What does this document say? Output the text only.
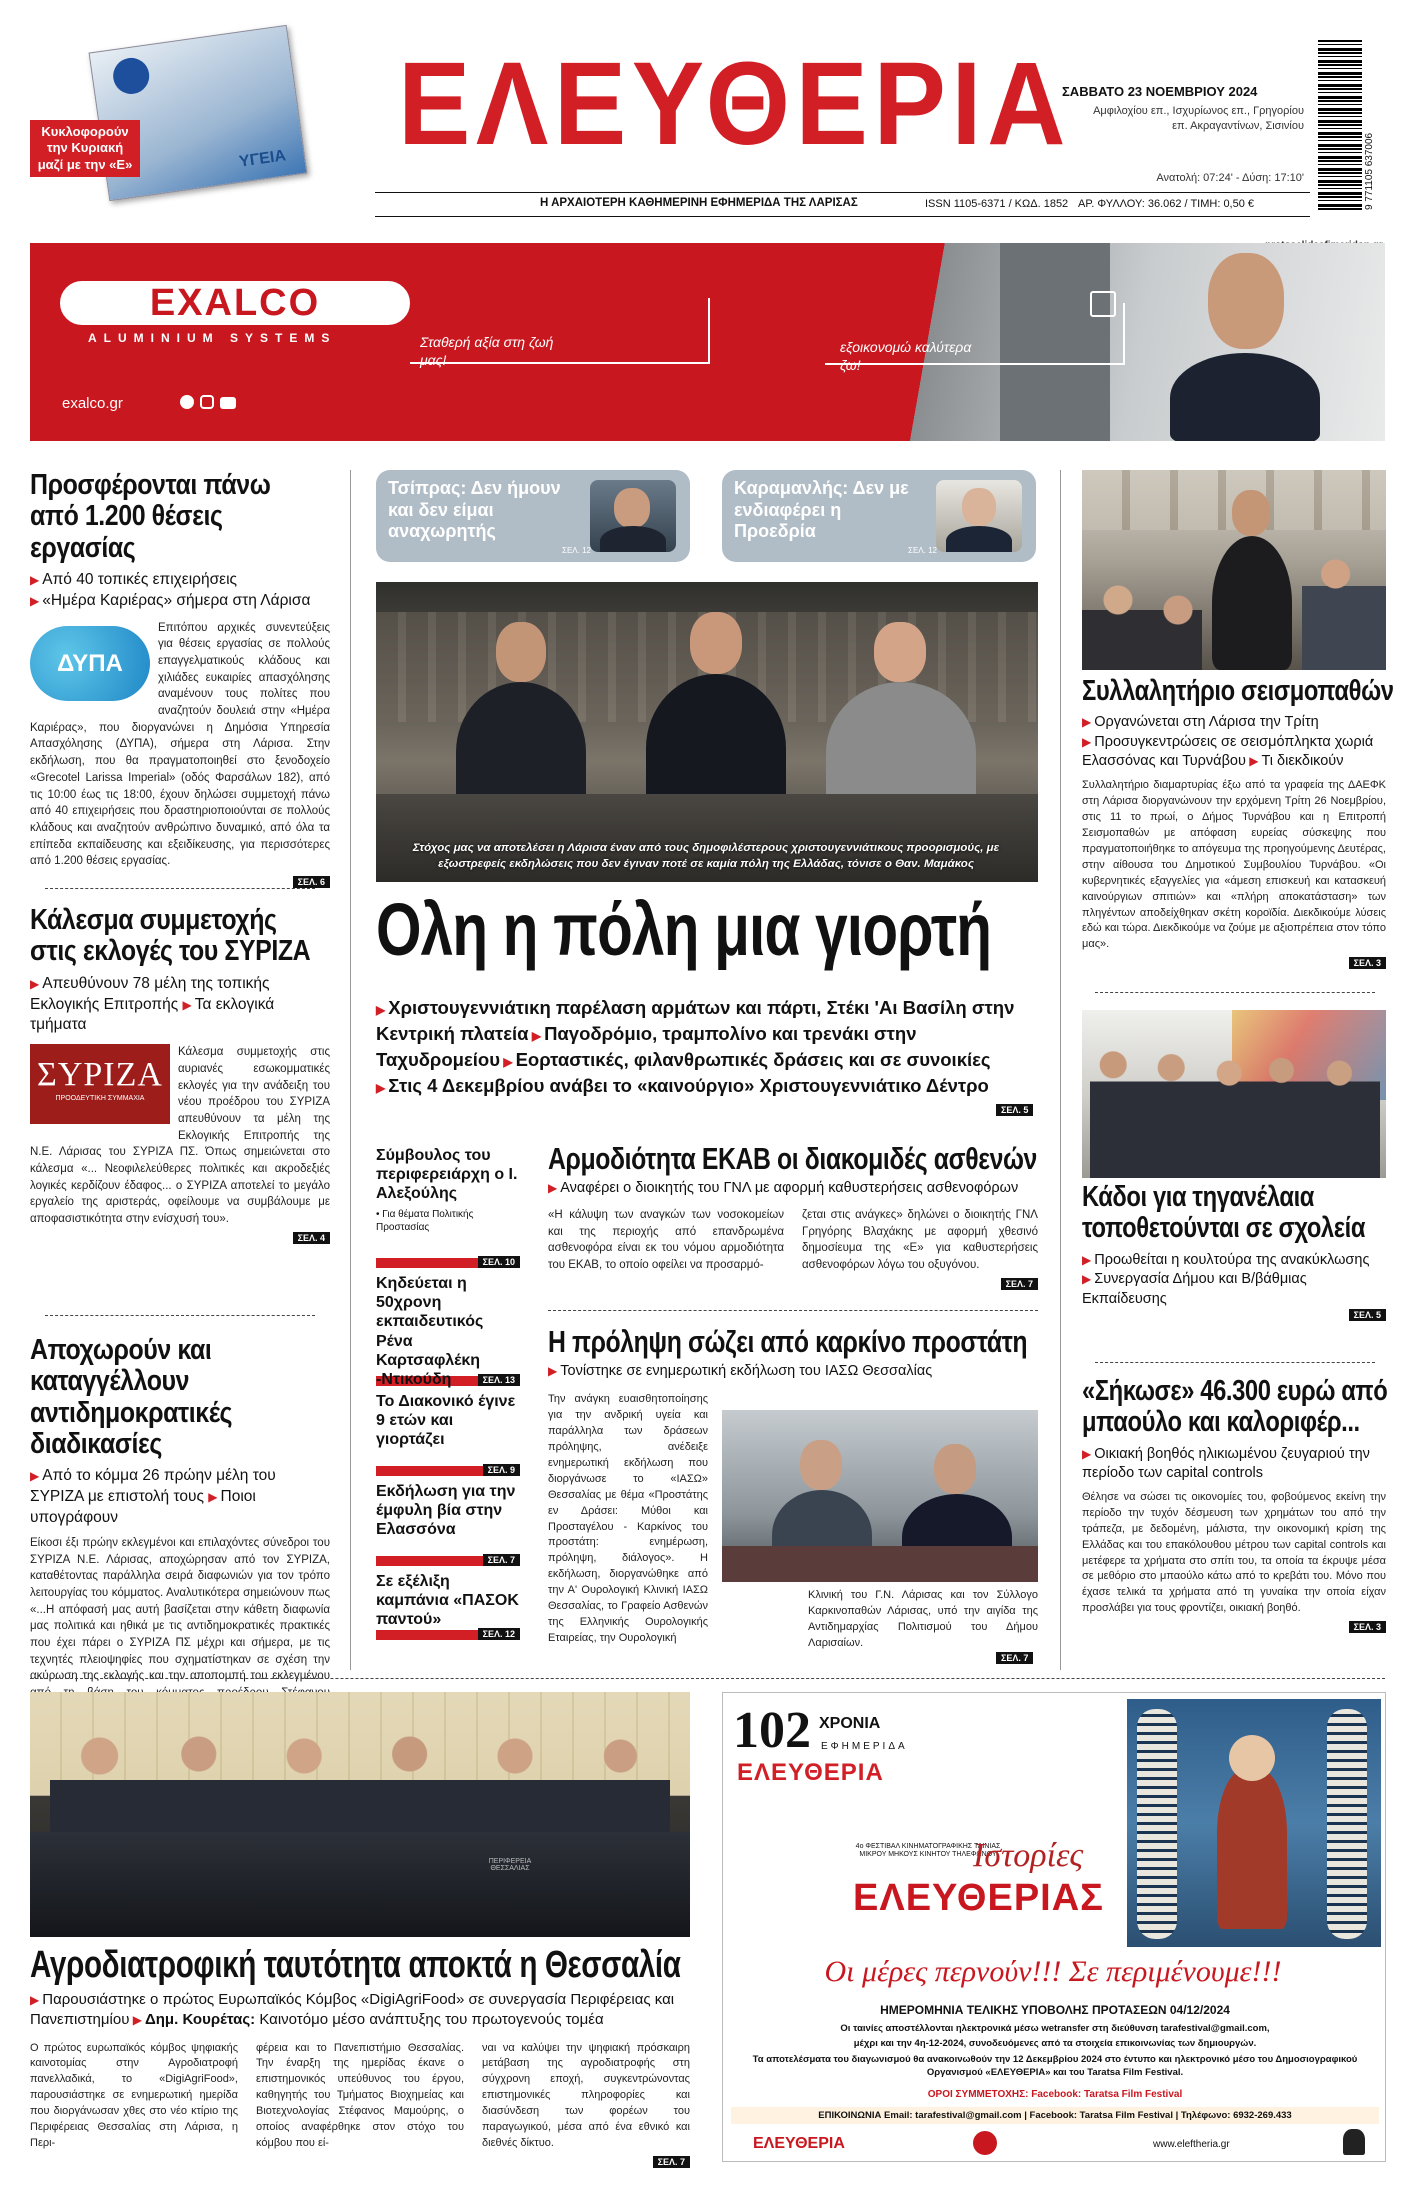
ΥΓΕΙΑ
Κυκλοφορούν την Κυριακή μαζί με την «Ε» ΕΛΕΥΘΕΡΙΑ
ΣΑΒΒΑΤΟ 23 ΝΟΕΜΒΡΙΟΥ 2024
Αμφιλοχίου επ., Ισχυρίωνος επ., Γρηγορίου επ. Ακραγαντίνων, Σισινίου
Ανατολή: 07:24' - Δύση: 17:10'	9 771105 637006
Η ΑΡΧΑΙΟΤΕΡΗ ΚΑΘΗΜΕΡΙΝΗ ΕΦΗΜΕΡΙΔΑ ΤΗΣ ΛΑΡΙΣΑΣ	ISSN 1105-6371 / ΚΩΔ. 1852 ΑΡ. ΦΥΛΛΟΥ: 36.062 / ΤΙΜΗ: 0,50 €
EXALCO
ALUMINIUM SYSTEMS
exalco.gr
Σταθερή αξία στη ζωή μας!
εξοικονομώ καλύτερα ζω!
Προσφέρονται πάνω από 1.200 θέσεις εργασίας
▶ Από 40 τοπικές επιχειρήσεις
▶ «Ημέρα Καριέρας» σήμερα στη Λάρισα
ΔΥΠΑ

Επιτόπου αρχικές συνεντεύξεις για θέσεις εργασίας σε πολλούς επαγγελματικούς κλάδους και χιλιάδες ευκαιρίες απασχόλησης αναμένουν τους πολίτες που αναζητούν δουλειά στην «Ημέρα Καριέρας», που διοργανώνει η Δημόσια Υπηρεσία Απασχόλησης (ΔΥΠΑ), σήμερα στη Λάρισα. Στην εκδήλωση, που θα πραγματοποιηθεί στο ξενοδοχείο «Grecotel Larissa Imperial» (οδός Φαρσάλων 182), από τις 10:00 έως τις 18:00, έχουν δηλώσει συμμετοχή πάνω από 40 επιχειρήσεις που δραστηριοποιούνται σε πολλούς κλάδους και αναζητούν ανθρώπινο δυναμικό, από όλα τα επίπεδα εκπαίδευσης και εξειδίκευσης, για περισσότερες από 1.200 θέσεις εργασίας.

ΣΕΛ. 6
Κάλεσμα συμμετοχής στις εκλογές του ΣΥΡΙΖΑ
▶ Απευθύνουν 78 μέλη της τοπικής Εκλογικής Επιτροπής ▶ Τα εκλογικά τμήματα
ΣΥΡΙΖΑ
ΠΡΟΟΔΕΥΤΙΚΗ ΣΥΜΜΑΧΙΑ

Κάλεσμα συμμετοχής στις αυριανές εσωκομματικές εκλογές για την ανάδειξη του νέου προέδρου του ΣΥΡΙΖΑ απευθύνουν τα μέλη της Εκλογικής Επιτροπής της Ν.Ε. Λάρισας του ΣΥΡΙΖΑ ΠΣ. Όπως σημειώνεται στο κάλεσμα «... Νεοφιλελεύθερες πολιτικές και ακροδεξιές λογικές κερδίζουν έδαφος... ο ΣΥΡΙΖΑ αποτελεί το μεγάλο εργαλείο της αριστεράς, οφείλουμε να συμβάλουμε με αποφασιστικότητα στην ενίσχυσή του».

ΣΕΛ. 4
Αποχωρούν και καταγγέλλουν αντιδημοκρατικές διαδικασίες
▶ Από το κόμμα 26 πρώην μέλη του ΣΥΡΙΖΑ με επιστολή τους ▶ Ποιοι υπογράφουν

Είκοσι έξι πρώην εκλεγμένοι και επιλαχόντες σύνεδροι του ΣΥΡΙΖΑ Ν.Ε. Λάρισας, αποχώρησαν από τον ΣΥΡΙΖΑ, καταθέτοντας παράλληλα σειρά διαφωνιών για τον τρόπο λειτουργίας του κόμματος. Αναλυτικότερα σημειώνουν πως «...Η απόφασή μας αυτή βασίζεται στην κάθετη διαφωνία μας πολιτικά και ηθικά με τις αντιδημοκρατικές πρακτικές που έχει πάρει ο ΣΥΡΙΖΑ ΠΣ μέχρι και σήμερα, με τις τεχνητές πλειοψηφίες που σχηματίστηκαν σε σχέση την ακύρωση της εκλογής και την αποπομπή του εκλεγμένου

Τσίπρας: Δεν ήμουν και δεν είμαι αναχωρητής
ΣΕΛ. 12
Καραμανλής: Δεν με ενδιαφέρει η Προεδρία
ΣΕΛ. 12
Στόχος μας να αποτελέσει η Λάρισα έναν από τους δημοφιλέστερους χριστουγεννιάτικους προορισμούς, με εξωστρεφείς εκδηλώσεις που δεν έγιναν ποτέ σε καμία πόλη της Ελλάδας, τόνισε ο Θαν. Μαμάκος
Ολη η πόλη μια γιορτή
▶ Χριστουγεννιάτικη παρέλαση αρμάτων και πάρτι, Στέκι 'Αι Βασίλη στην Κεντρική πλατεία ▶ Παγοδρόμιο, τραμπολίνο και τρενάκι στην Ταχυδρομείου ▶ Εορταστικές, φιλανθρωπικές δράσεις και σε συνοικίες ▶ Στις 4 Δεκεμβρίου ανάβει το «καινούργιο» Χριστουγεννιάτικο Δέντρο
ΣΕΛ. 5
Σύμβουλος του περιφερειάρχη ο Ι. Αλεξούλης
• Για θέματα Πολιτικής Προστασίας
ΣΕΛ. 10
Κηδεύεται η 50χρονη εκπαιδευτικός Ρένα Καρτσαφλέκη -Ντικούδη	ΣΕΛ. 13
Το Διακονικό έγινε 9 ετών και γιορτάζει
ΣΕΛ. 9
Εκδήλωση για την έμφυλη βία στην Ελασσόνα
ΣΕΛ. 7
Σε εξέλιξη καμπάνια «ΠΑΣΟΚ παντού»
ΣΕΛ. 12
Αρμοδιότητα ΕΚΑΒ οι διακομιδές ασθενών
▶ Αναφέρει ο διοικητής του ΓΝΛ με αφορμή καθυστερήσεις ασθενοφόρων

«Η κάλυψη των αναγκών των νοσοκομείων και της περιοχής από επανδρωμένα ασθενοφόρα είναι εκ του νόμου αρμοδιότητα του ΕΚΑΒ, το οποίο οφείλει να προσαρμό-

ζεται στις ανάγκες» δηλώνει ο διοικητής ΓΝΛ Γρηγόρης Βλαχάκης με αφορμή χθεσινό δημοσίευμα της «Ε» για καθυστερήσεις ασθενοφόρων λόγω του οξυγόνου.

ΣΕΛ. 7
Η πρόληψη σώζει από καρκίνο προστάτη
▶ Τονίστηκε σε ενημερωτική εκδήλωση του ΙΑΣΩ Θεσσαλίας

Την ανάγκη ευαισθητοποίησης για την ανδρική υγεία και παράλληλα των δράσεων πρόληψης, ανέδειξε ενημερωτική εκδήλωση που διοργάνωσε το «ΙΑΣΩ» Θεσσαλίας με θέμα «Προστάτης εν Δράσει: Μύθοι και Προσταγέλου - Καρκίνος του προστάτη: ενημέρωση, πρόληψη, διάλογος». Η εκδήλωση, διοργανώθηκε από την Α' Ουρολογική Κλινική ΙΑΣΩ Θεσσαλίας, το Γραφείο Ασθενών της Ελληνικής Ουρολογικής Εταιρείας, την Ουρολογική

Κλινική του Γ.Ν. Λάρισας και τον Σύλλογο Καρκινοπαθών Λάρισας, υπό την αιγίδα της Αντιδημαρχίας Πολιτισμού του Δήμου Λαρισαίων.
ΣΕΛ. 7
Συλλαλητήριο σεισμοπαθών
▶ Οργανώνεται στη Λάρισα την Τρίτη
▶ Προσυγκεντρώσεις σε σεισμόπληκτα χωριά Ελασσόνας και Τυρνάβου ▶ Τι διεκδικούν

Συλλαλητήριο διαμαρτυρίας έξω από τα γραφεία της ΔΑΕΦΚ στη Λάρισα διοργανώνουν την ερχόμενη Τρίτη 26 Νοεμβρίου, στις 11 το πρωί, ο Δήμος Τυρνάβου και η Επιτροπή Σεισμοπαθών με απόφαση ευρείας σύσκεψης που πραγματοποιήθηκε το απόγευμα της προηγούμενης Δευτέρας, στην αίθουσα του Δημοτικού Συμβουλίου Τυρνάβου. «Οι κυβερνητικές εξαγγελίες για «άμεση επισκευή και κατασκευή καινούργιων σπιτιών» και «πλήρη αποκατάσταση» των πληγέντων αποδείχθηκαν σκέτη κοροϊδία. Διεκδικούμε λύσεις εδώ και τώρα. Διεκδικούμε να ζούμε με αξιοπρέπεια στον τόπο μας».

ΣΕΛ. 3
Κάδοι για τηγανέλαια τοποθετούνται σε σχολεία
▶ Προωθείται η κουλτούρα της ανακύκλωσης ▶ Συνεργασία Δήμου και Β/βάθμιας Εκπαίδευσης
ΣΕΛ. 5
«Σήκωσε» 46.300 ευρώ από μπαούλο και καλοριφέρ...
▶ Οικιακή βοηθός ηλικιωμένου ζευγαριού την περίοδο των capital controls

Θέλησε να σώσει τις οικονομίες του, φοβούμενος εκείνη την περίοδο την τυχόν δέσμευση των χρημάτων του από την τράπεζα, με δεδομένη, μάλιστα, την οικονομική κρίση της Ελλάδας και του επακόλουθου μέτρου των capital controls και μετέφερε τα χρήματα στο σπίτι του, τα οποία τα έκρυψε μέσα σε μεθόριο στο μπαούλο κάτω από το κρεβάτι του. Μόνο που έχασε τελικά τα χρήματα από τη γυναίκα την οποία είχαν προσλάβει για τους φροντίζει, οικιακή βοηθό.

ΣΕΛ. 3
ΠΕΡΙΦΕΡΕΙΑ ΘΕΣΣΑΛΙΑΣ
Αγροδιατροφική ταυτότητα αποκτά η Θεσσαλία
▶ Παρουσιάστηκε ο πρώτος Ευρωπαϊκός Κόμβος «DigiAgriFood» σε συνεργασία Περιφέρειας και Πανεπιστημίου ▶ Δημ. Κουρέτας: Καινοτόμο μέσο ανάπτυξης του πρωτογενούς τομέα

Ο πρώτος ευρωπαϊκός κόμβος ψηφιακής καινοτομίας στην Αγροδιατροφή πανελλαδικά, το «DigiAgriFood», παρουσιάστηκε σε ενημερωτική ημερίδα που διοργάνωσαν χθες στο νέο κτίριο της Περιφέρειας Θεσσαλίας στη Λάρισα, η Περι-

φέρεια και το Πανεπιστήμιο Θεσσαλίας. Την έναρξη της ημερίδας έκανε ο επιστημονικός υπεύθυνος του έργου, καθηγητής του Τμήματος Βιοχημείας και Βιοτεχνολογίας Στέφανος Μαμούρης, ο οποίος αναφέρθηκε στον στόχο του κόμβου που εί-

ναι να καλύψει την ψηφιακή πρόσκαιρη μετάβαση της αγροδιατροφής στη σύγχρονη εποχή, συγκεντρώνοντας επιστημονικές πληροφορίες και διασύνδεση των φορέων του παραγωγικού, μέσα από ένα εθνικό και διεθνές δίκτυο.

ΣΕΛ. 7
102 ΧΡΟΝΙΑ
ΕΦΗΜΕΡΙΔΑ
ΕΛΕΥΘΕΡΙΑ
4ο ΦΕΣΤΙΒΑΛ ΚΙΝΗΜΑΤΟΓΡΑΦΙΚΗΣ ΤΑΙΝΙΑΣ ΜΙΚΡΟΥ ΜΗΚΟΥΣ ΚΙΝΗΤΟΥ ΤΗΛΕΦΩΝΟΥ
Ιστορίες
ΕΛΕΥΘΕΡΙΑΣ
Οι μέρες περνούν!!! Σε περιμένουμε!!!
ΗΜΕΡΟΜΗΝΙΑ ΤΕΛΙΚΗΣ ΥΠΟΒΟΛΗΣ ΠΡΟΤΑΣΕΩΝ 04/12/2024
Οι ταινίες αποστέλλονται ηλεκτρονικά μέσω wetransfer στη διεύθυνση tarafestival@gmail.com,
μέχρι και την 4η-12-2024, συνοδευόμενες από τα στοιχεία επικοινωνίας των δημιουργών.
Τα αποτελέσματα του διαγωνισμού θα ανακοινωθούν την 12 Δεκεμβρίου 2024 στο έντυπο και ηλεκτρονικό μέσο του Δημοσιογραφικού Οργανισμού «ΕΛΕΥΘΕΡΙΑ» και του Taratsa Film Festival.
ΟΡΟΙ ΣΥΜΜΕΤΟΧΗΣ: Facebook: Taratsa Film Festival
ΕΠΙΚΟΙΝΩΝΙΑ Email: tarafestival@gmail.com | Facebook: Taratsa Film Festival | Τηλέφωνο: 6932-269.433
ΕΛΕΥΘΕΡΙΑ	www.eleftheria.gr
